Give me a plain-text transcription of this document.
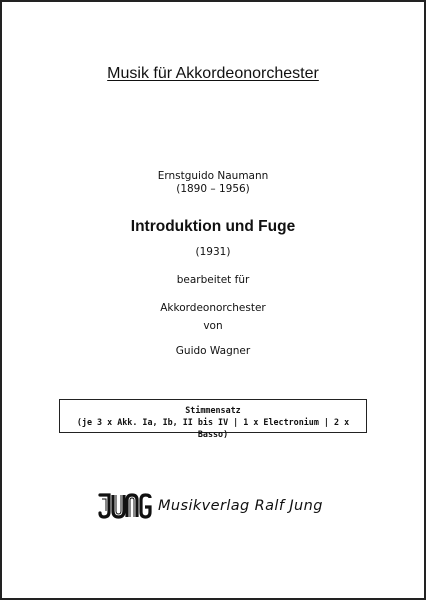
Musik für Akkordeonorchester
Ernstguido Naumann
(1890 – 1956)
Introduktion und Fuge
(1931)
bearbeitet für
Akkordeonorchester
von
Guido Wagner
Stimmensatz
(je 3 x Akk. Ia, Ib, II bis IV | 1 x Electronium | 2 x Basso)
Musikverlag Ralf Jung
